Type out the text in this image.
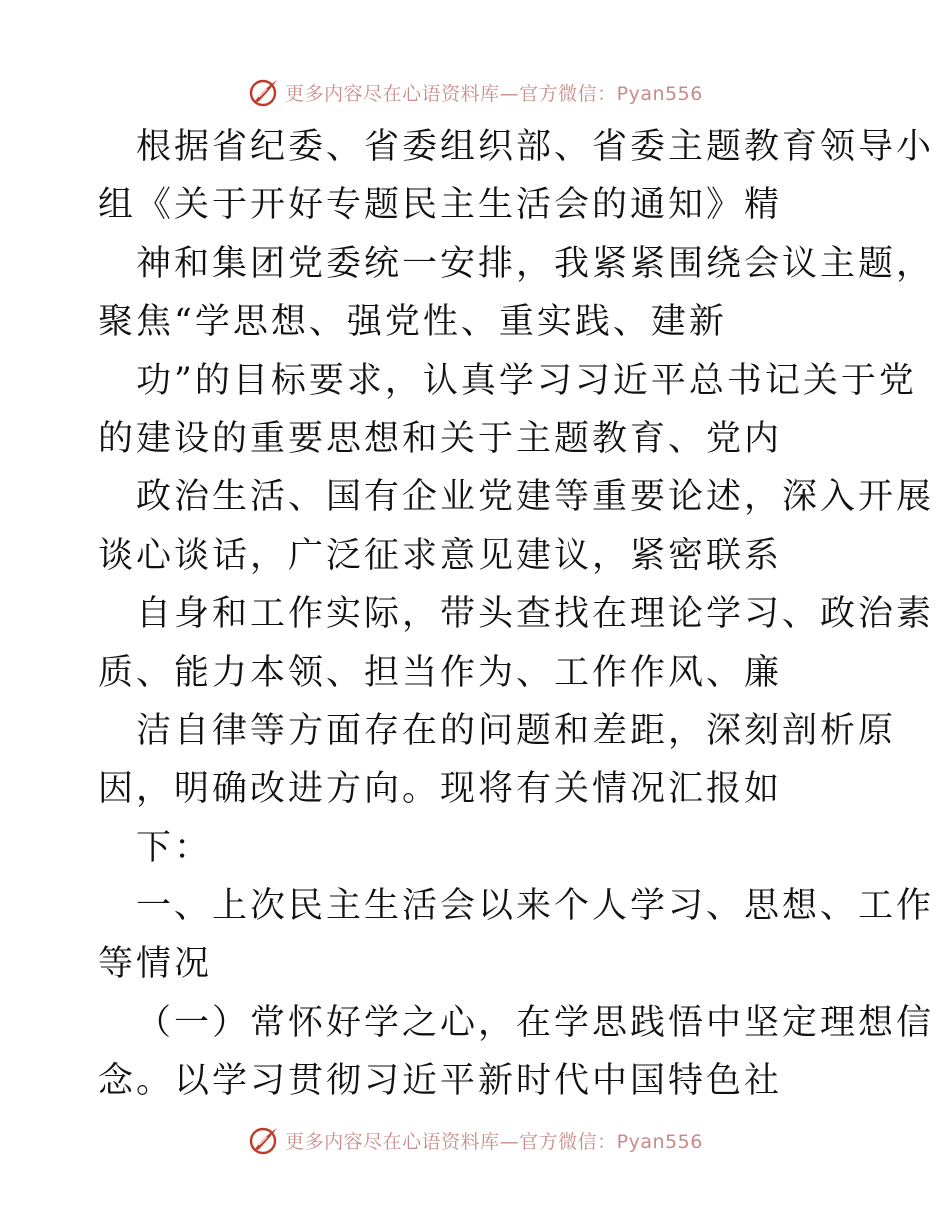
更多内容尽在心语资料库—官方微信：Pyan556
根据省纪委、省委组织部、省委主题教育领导小
组《关于开好专题民主生活会的通知》精
神和集团党委统一安排，我紧紧围绕会议主题，
聚焦“学思想、强党性、重实践、建新
功”的目标要求，认真学习习近平总书记关于党
的建设的重要思想和关于主题教育、党内
政治生活、国有企业党建等重要论述，深入开展
谈心谈话，广泛征求意见建议，紧密联系
自身和工作实际，带头查找在理论学习、政治素
质、能力本领、担当作为、工作作风、廉
洁自律等方面存在的问题和差距，深刻剖析原
因，明确改进方向。现将有关情况汇报如
下：
一、上次民主生活会以来个人学习、思想、工作
等情况
（一）常怀好学之心，在学思践悟中坚定理想信
念。以学习贯彻习近平新时代中国特色社
更多内容尽在心语资料库—官方微信：Pyan556
